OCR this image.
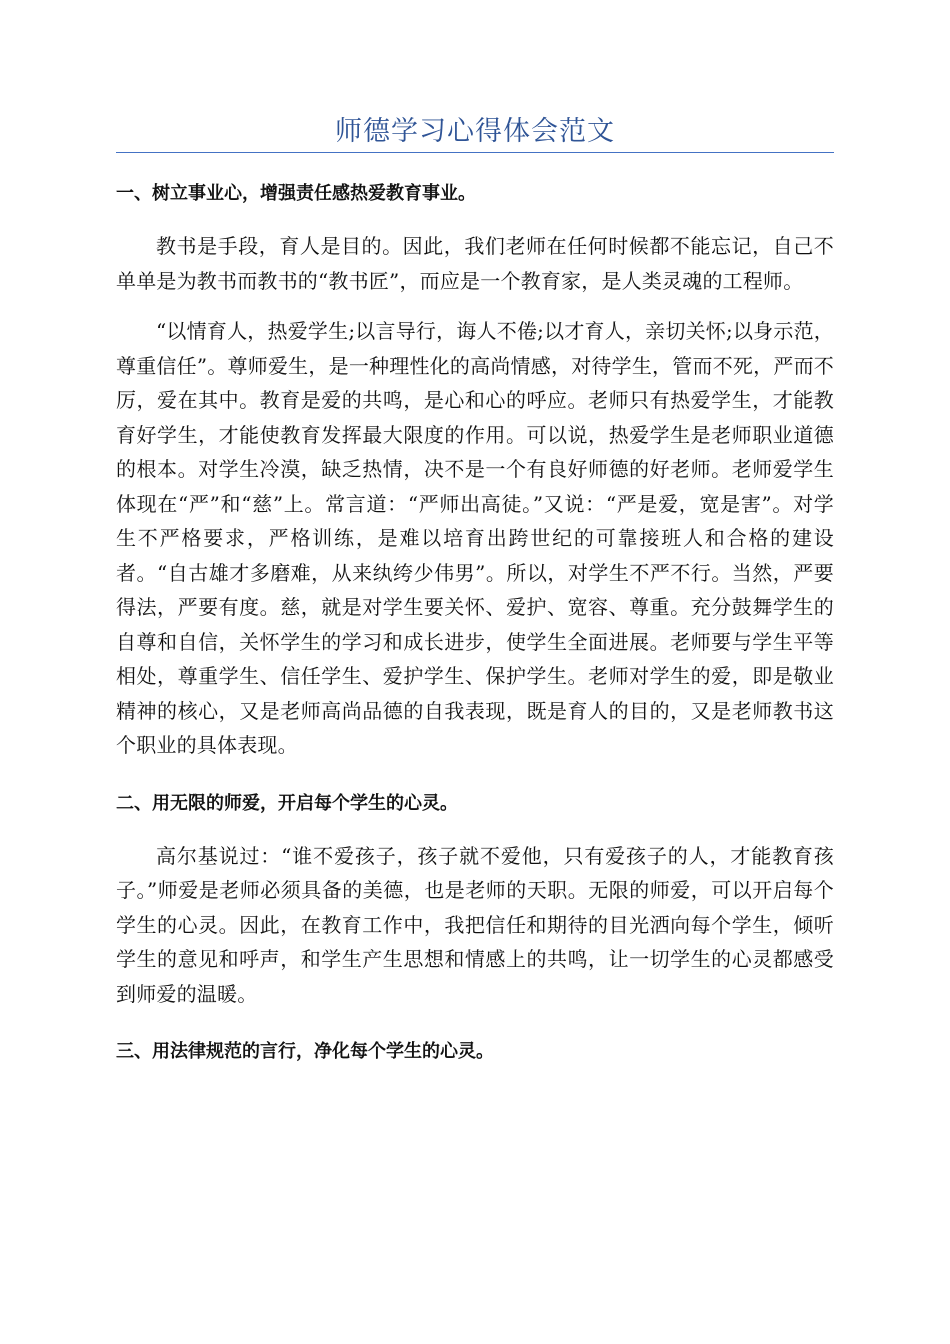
师德学习心得体会范文
一、树立事业心，增强责任感热爱教育事业。

教书是手段，育人是目的。因此，我们老师在任何时候都不能忘记，自己不单单是为教书而教书的“教书匠”，而应是一个教育家，是人类灵魂的工程师。

“以情育人，热爱学生;以言导行，诲人不倦;以才育人，亲切关怀;以身示范，尊重信任”。尊师爱生，是一种理性化的高尚情感，对待学生，管而不死，严而不厉，爱在其中。教育是爱的共鸣，是心和心的呼应。老师只有热爱学生，才能教育好学生，才能使教育发挥最大限度的作用。可以说，热爱学生是老师职业道德的根本。对学生冷漠，缺乏热情，决不是一个有良好师德的好老师。老师爱学生体现在“严”和“慈”上。常言道：“严师出高徒。”又说：“严是爱，宽是害”。对学生不严格要求，严格训练，是难以培育出跨世纪的可靠接班人和合格的建设者。“自古雄才多磨难，从来纨绔少伟男”。所以，对学生不严不行。当然，严要得法，严要有度。慈，就是对学生要关怀、爱护、宽容、尊重。充分鼓舞学生的自尊和自信，关怀学生的学习和成长进步，使学生全面进展。老师要与学生平等相处，尊重学生、信任学生、爱护学生、保护学生。老师对学生的爱，即是敬业精神的核心，又是老师高尚品德的自我表现，既是育人的目的，又是老师教书这个职业的具体表现。

二、用无限的师爱，开启每个学生的心灵。

高尔基说过：“谁不爱孩子，孩子就不爱他，只有爱孩子的人，才能教育孩子。”师爱是老师必须具备的美德，也是老师的天职。无限的师爱，可以开启每个学生的心灵。因此，在教育工作中，我把信任和期待的目光洒向每个学生，倾听学生的意见和呼声，和学生产生思想和情感上的共鸣，让一切学生的心灵都感受到师爱的温暖。

三、用法律规范的言行，净化每个学生的心灵。
